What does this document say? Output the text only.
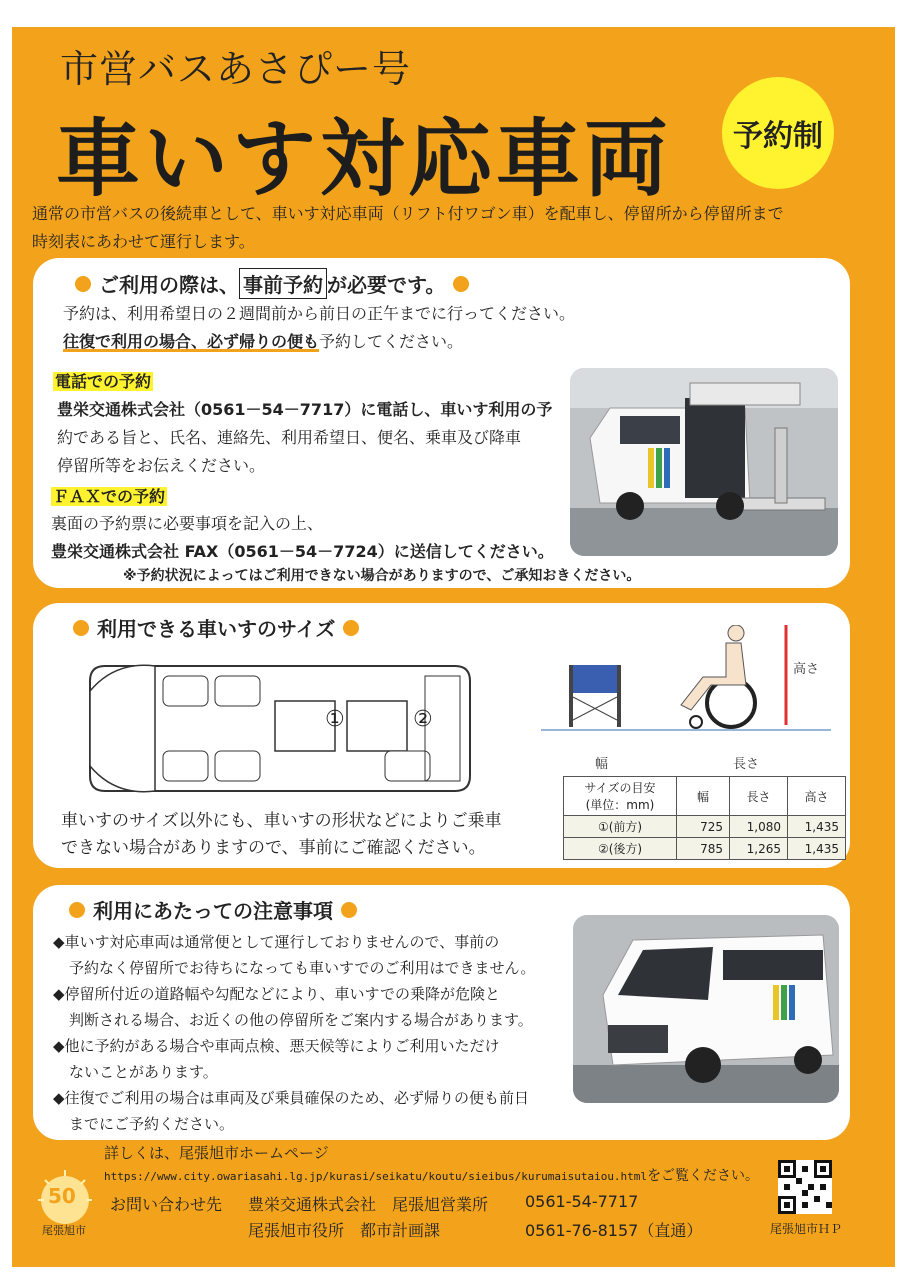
市営バスあさぴー号
車いす対応車両	予約制
通常の市営バスの後続車として、車いす対応車両（リフト付ワゴン車）を配車し、停留所から停留所まで
時刻表にあわせて運行します。
ご利用の際は、 事前予約 が必要です。
予約は、利用希望日の２週間前から前日の正午までに行ってください。
往復で利用の場合、必ず帰りの便も予約してください。
電話での予約
豊栄交通株式会社（0561－54－7717）に電話し、車いす利用の予
約である旨と、氏名、連絡先、利用希望日、便名、乗車及び降車
停留所等をお伝えください。
ＦＡＸでの予約
裏面の予約票に必要事項を記入の上、
豊栄交通株式会社 FAX（0561－54－7724）に送信してください。
※予約状況によってはご利用できない場合がありますので、ご承知おきください。
利用できる車いすのサイズ
①	②
幅	長さ
高さ
サイズの目安
(単位：mm)	幅	長さ	高さ
①(前方)	725	1,080	1,435
②(後方)	785	1,265	1,435
車いすのサイズ以外にも、車いすの形状などによりご乗車
できない場合がありますので、事前にご確認ください。
利用にあたっての注意事項
◆車いす対応車両は通常便として運行しておりませんので、事前の
予約なく停留所でお待ちになっても車いすでのご利用はできません。
◆停留所付近の道路幅や勾配などにより、車いすでの乗降が危険と
判断される場合、お近くの他の停留所をご案内する場合があります。
◆他に予約がある場合や車両点検、悪天候等によりご利用いただけ
ないことがあります。
◆往復でご利用の場合は車両及び乗員確保のため、必ず帰りの便も前日
までにご予約ください。
詳しくは、尾張旭市ホームページ
https://www.city.owariasahi.lg.jp/kurasi/seikatu/koutu/sieibus/kurumaisutaiou.htmlをご覧ください。
50
尾張旭市
お問い合わせ先 豊栄交通株式会社　尾張旭営業所 0561-54-7717
尾張旭市役所　都市計画課	0561-76-8157（直通）	尾張旭市ＨＰ
